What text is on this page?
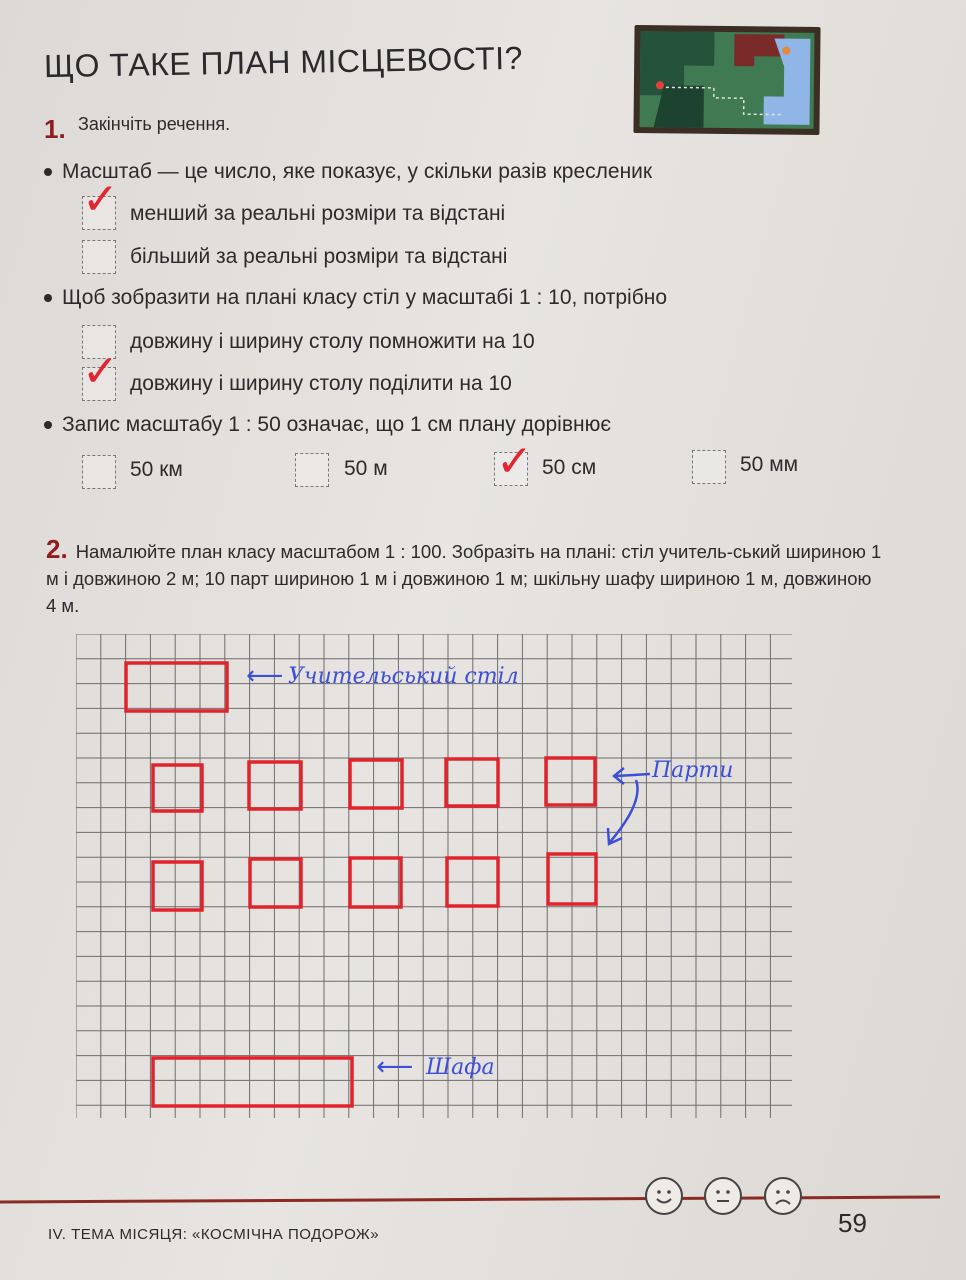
ЩО ТАКЕ ПЛАН МІСЦЕВОСТІ?
1. Закінчіть речення.
Масштаб — це число, яке показує, у скільки разів кресленик
✓ менший за реальні розміри та відстані
більший за реальні розміри та відстані
Щоб зобразити на плані класу стіл у масштабі 1 : 10, потрібно
довжину і ширину столу помножити на 10
✓ довжину і ширину столу поділити на 10
Запис масштабу 1 : 50 означає, що 1 см плану дорівнює
50 км	50 м ✓ 50 см	50 мм
2. Намалюйте план класу масштабом 1 : 100. Зобразіть на плані: стіл учитель-ський шириною 1 м і довжиною 2 м; 10 парт шириною 1 м і довжиною 1 м; шкільну шафу шириною 1 м, довжиною 4 м.
⟵ Учительський стіл
Парти
⟵ Шафа
IV. ТЕМА МІСЯЦЯ: «КОСМІЧНА ПОДОРОЖ»	59
